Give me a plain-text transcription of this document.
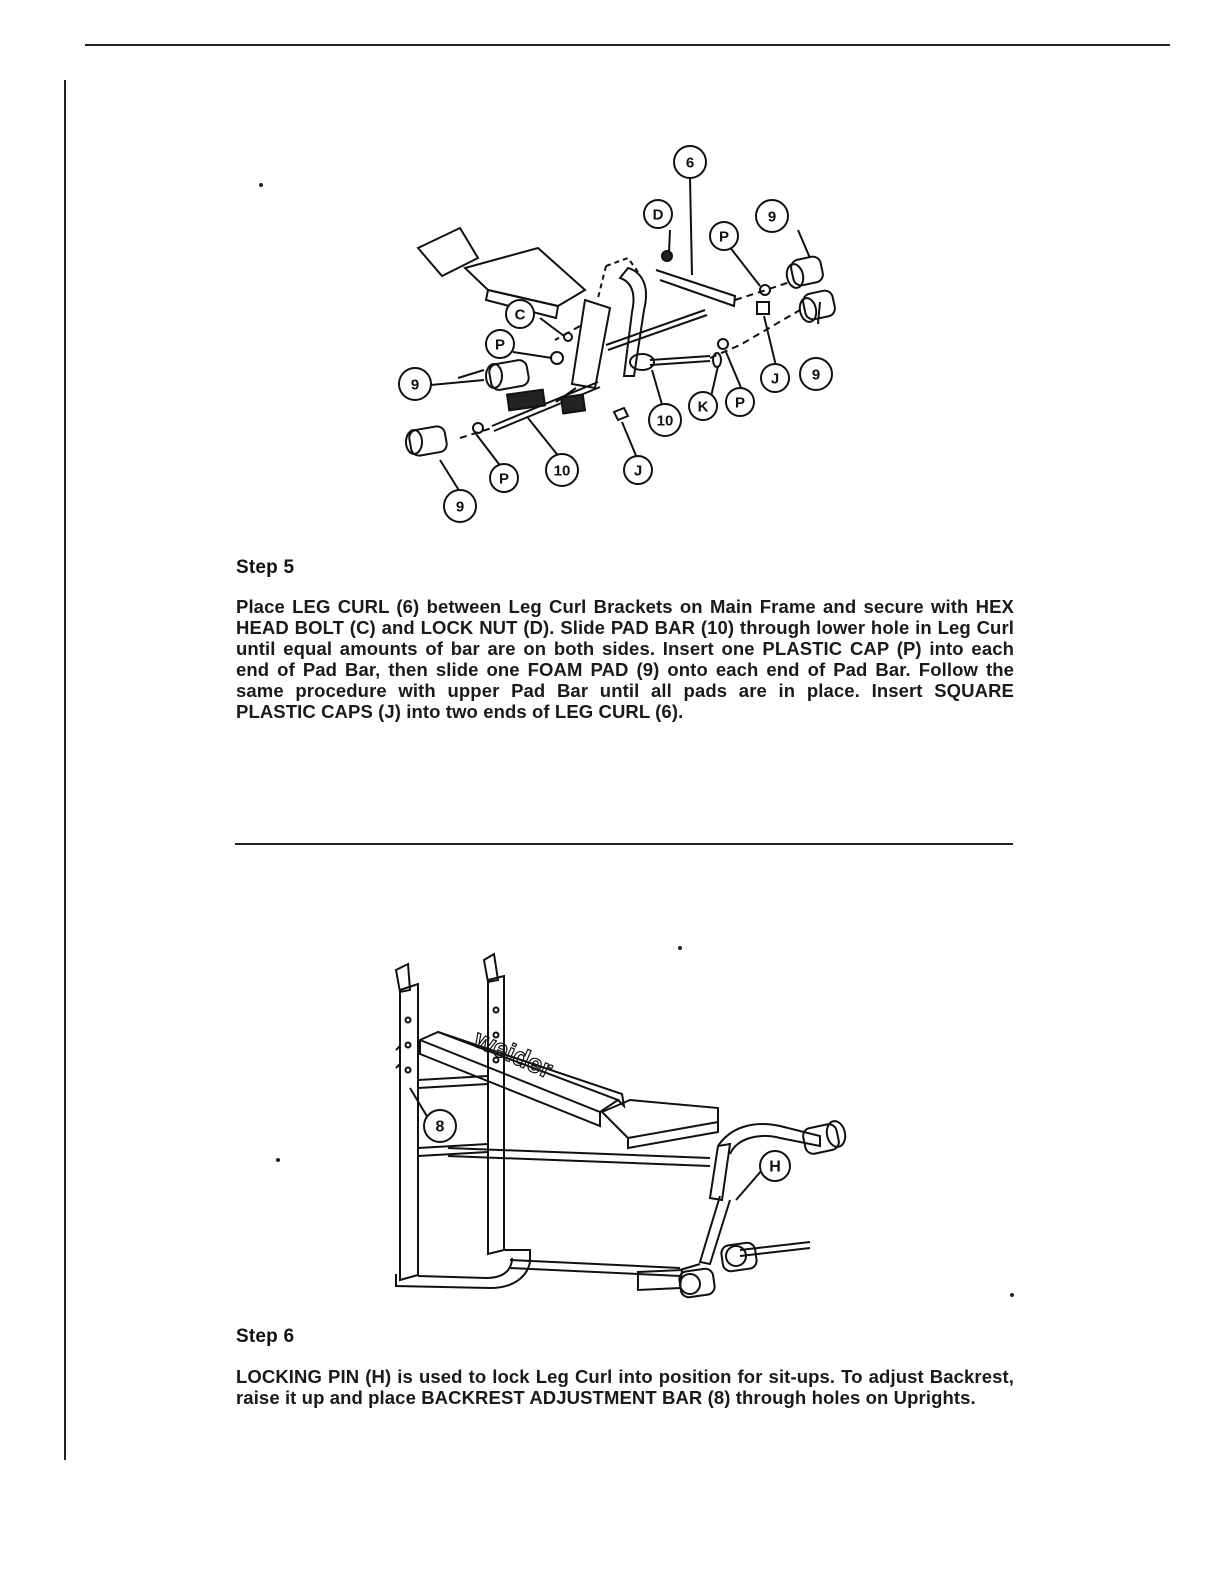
6
D
P
9
C
P
9
9
J
K P
10
P	10	J
9
Step 5
Place LEG CURL (6) between Leg Curl Brackets on Main Frame and secure with HEX HEAD BOLT (C) and LOCK NUT (D). Slide PAD BAR (10) through lower hole in Leg Curl until equal amounts of bar are on both sides. Insert one PLASTIC CAP (P) into each end of Pad Bar, then slide one FOAM PAD (9) onto each end of Pad Bar. Follow the same procedure with upper Pad Bar until all pads are in place. Insert SQUARE PLASTIC CAPS (J) into two ends of LEG CURL (6).
weider
8
H
Step 6
LOCKING PIN (H) is used to lock Leg Curl into position for sit-ups. To adjust Backrest, raise it up and place BACKREST ADJUSTMENT BAR (8) through holes on Uprights.
